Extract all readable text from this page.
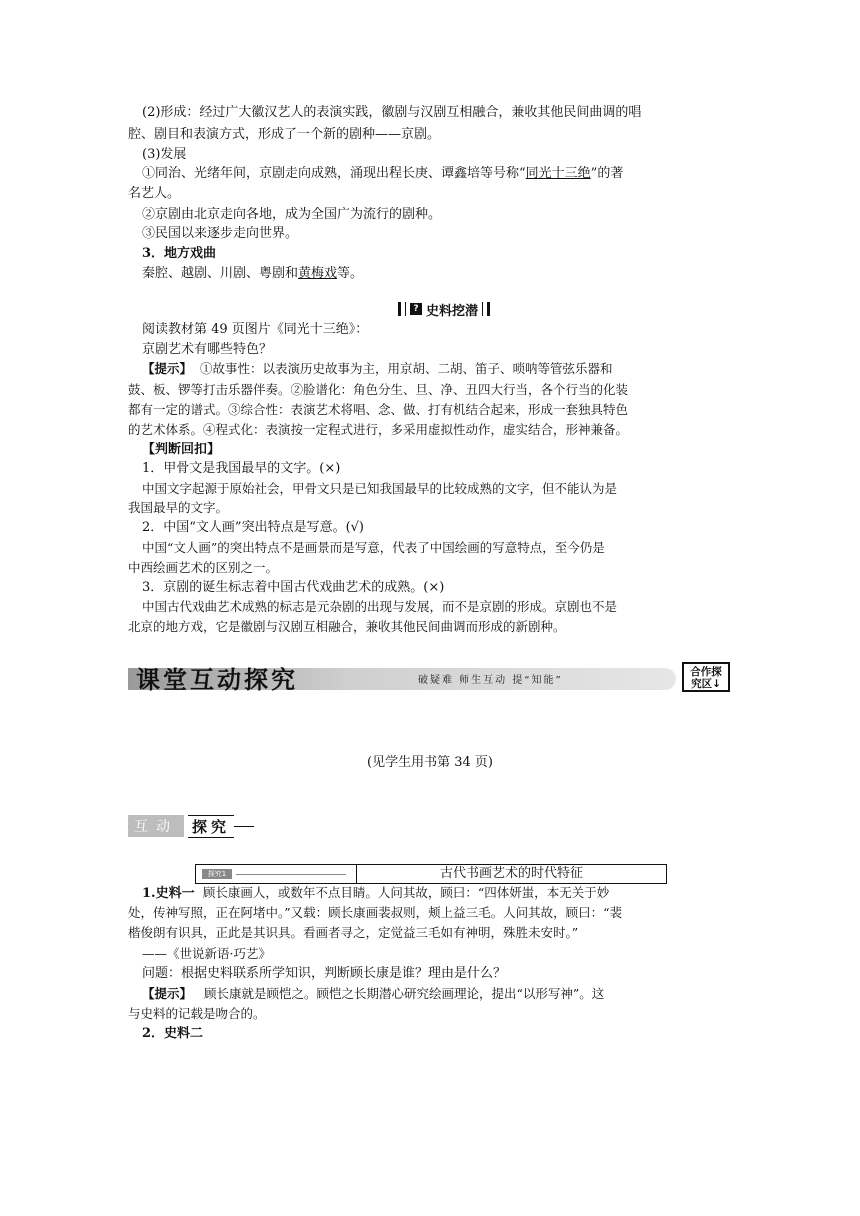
(2)形成：经过广大徽汉艺人的表演实践，徽剧与汉剧互相融合，兼收其他民间曲调的唱
腔、剧目和表演方式，形成了一个新的剧种——京剧。
(3)发展
①同治、光绪年间，京剧走向成熟，涌现出程长庚、谭鑫培等号称“同光十三绝”的著
名艺人。
②京剧由北京走向各地，成为全国广为流行的剧种。
③民国以来逐步走向世界。
3．地方戏曲
秦腔、越剧、川剧、粤剧和黄梅戏等。
? 史料挖潜
阅读教材第 49 页图片《同光十三绝》：
京剧艺术有哪些特色？
【提示】 ①故事性：以表演历史故事为主，用京胡、二胡、笛子、唢呐等管弦乐器和
鼓、板、锣等打击乐器伴奏。②脸谱化：角色分生、旦、净、丑四大行当，各个行当的化装
都有一定的谱式。③综合性：表演艺术将唱、念、做、打有机结合起来，形成一套独具特色
的艺术体系。④程式化：表演按一定程式进行，多采用虚拟性动作，虚实结合，形神兼备。
【判断回扣】
1．甲骨文是我国最早的文字。(×)
中国文字起源于原始社会，甲骨文只是已知我国最早的比较成熟的文字，但不能认为是
我国最早的文字。
2．中国“文人画”突出特点是写意。(√)
中国“文人画”的突出特点不是画景而是写意，代表了中国绘画的写意特点，至今仍是
中西绘画艺术的区别之一。
3．京剧的诞生标志着中国古代戏曲艺术的成熟。(×)
中国古代戏曲艺术成熟的标志是元杂剧的出现与发展，而不是京剧的形成。京剧也不是
北京的地方戏，它是徽剧与汉剧互相融合，兼收其他民间曲调而形成的新剧种。
课堂互动探究	破疑难 师生互动 提“知能”
合作探
究区↓
(见学生用书第 34 页)
互动 探究
探究1	古代书画艺术的时代特征
1.史料一 顾长康画人，或数年不点目睛。人问其故，顾曰：“四体妍蚩，本无关于妙
处，传神写照，正在阿堵中。”又载：顾长康画裴叔则，颊上益三毛。人问其故，顾曰：“裴
楷俊朗有识具，正此是其识具。看画者寻之，定觉益三毛如有神明，殊胜未安时。”
——《世说新语·巧艺》
问题：根据史料联系所学知识，判断顾长康是谁？理由是什么？
【提示】 顾长康就是顾恺之。顾恺之长期潜心研究绘画理论，提出“以形写神”。这
与史料的记载是吻合的。
2．史料二
